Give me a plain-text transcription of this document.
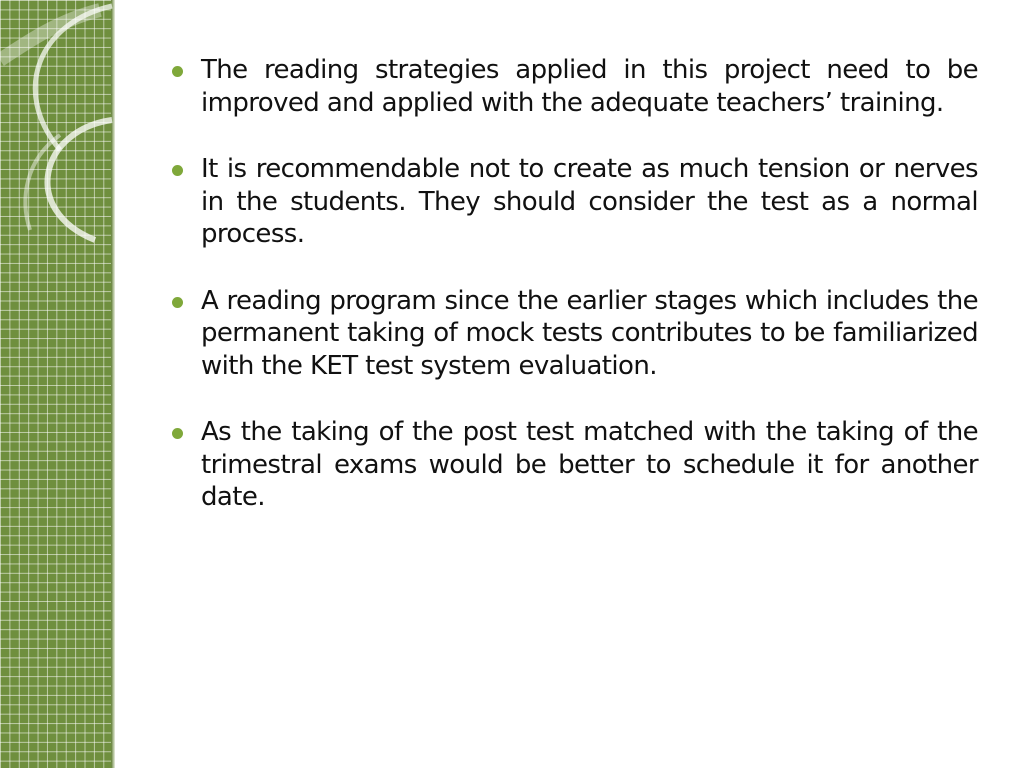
The reading strategies applied in this project need to be improved and applied with the adequate teachers’ training.
It is recommendable not to create as much tension or nerves in the students. They should consider the test as a normal process.
A reading program since the earlier stages which includes the permanent taking of mock tests contributes to be familiarized with the KET test system evaluation.
As the taking of the post test matched with the taking of the trimestral exams would be better to schedule it for another date.
